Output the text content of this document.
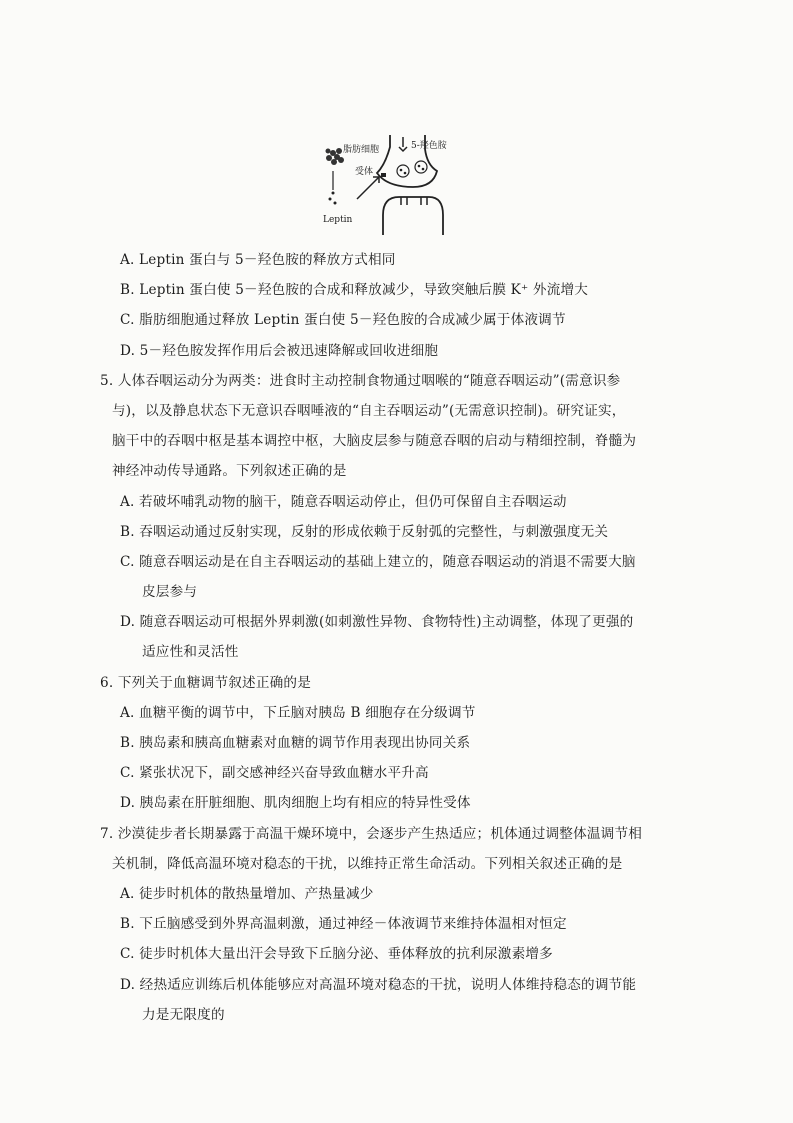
脂肪细胞	5-羟色胺
受体
Leptin
A. Leptin 蛋白与 5－羟色胺的释放方式相同
B. Leptin 蛋白使 5－羟色胺的合成和释放减少，导致突触后膜 K⁺ 外流增大
C. 脂肪细胞通过释放 Leptin 蛋白使 5－羟色胺的合成减少属于体液调节
D. 5－羟色胺发挥作用后会被迅速降解或回收进细胞
5. 人体吞咽运动分为两类：进食时主动控制食物通过咽喉的“随意吞咽运动”(需意识参
与)，以及静息状态下无意识吞咽唾液的“自主吞咽运动”(无需意识控制)。研究证实，
脑干中的吞咽中枢是基本调控中枢，大脑皮层参与随意吞咽的启动与精细控制，脊髓为
神经冲动传导通路。下列叙述正确的是
A. 若破坏哺乳动物的脑干，随意吞咽运动停止，但仍可保留自主吞咽运动
B. 吞咽运动通过反射实现，反射的形成依赖于反射弧的完整性，与刺激强度无关
C. 随意吞咽运动是在自主吞咽运动的基础上建立的，随意吞咽运动的消退不需要大脑
皮层参与
D. 随意吞咽运动可根据外界刺激(如刺激性异物、食物特性)主动调整，体现了更强的
适应性和灵活性
6. 下列关于血糖调节叙述正确的是
A. 血糖平衡的调节中，下丘脑对胰岛 B 细胞存在分级调节
B. 胰岛素和胰高血糖素对血糖的调节作用表现出协同关系
C. 紧张状况下，副交感神经兴奋导致血糖水平升高
D. 胰岛素在肝脏细胞、肌肉细胞上均有相应的特异性受体
7. 沙漠徒步者长期暴露于高温干燥环境中，会逐步产生热适应；机体通过调整体温调节相
关机制，降低高温环境对稳态的干扰，以维持正常生命活动。下列相关叙述正确的是
A. 徒步时机体的散热量增加、产热量减少
B. 下丘脑感受到外界高温刺激，通过神经－体液调节来维持体温相对恒定
C. 徒步时机体大量出汗会导致下丘脑分泌、垂体释放的抗利尿激素增多
D. 经热适应训练后机体能够应对高温环境对稳态的干扰，说明人体维持稳态的调节能
力是无限度的
